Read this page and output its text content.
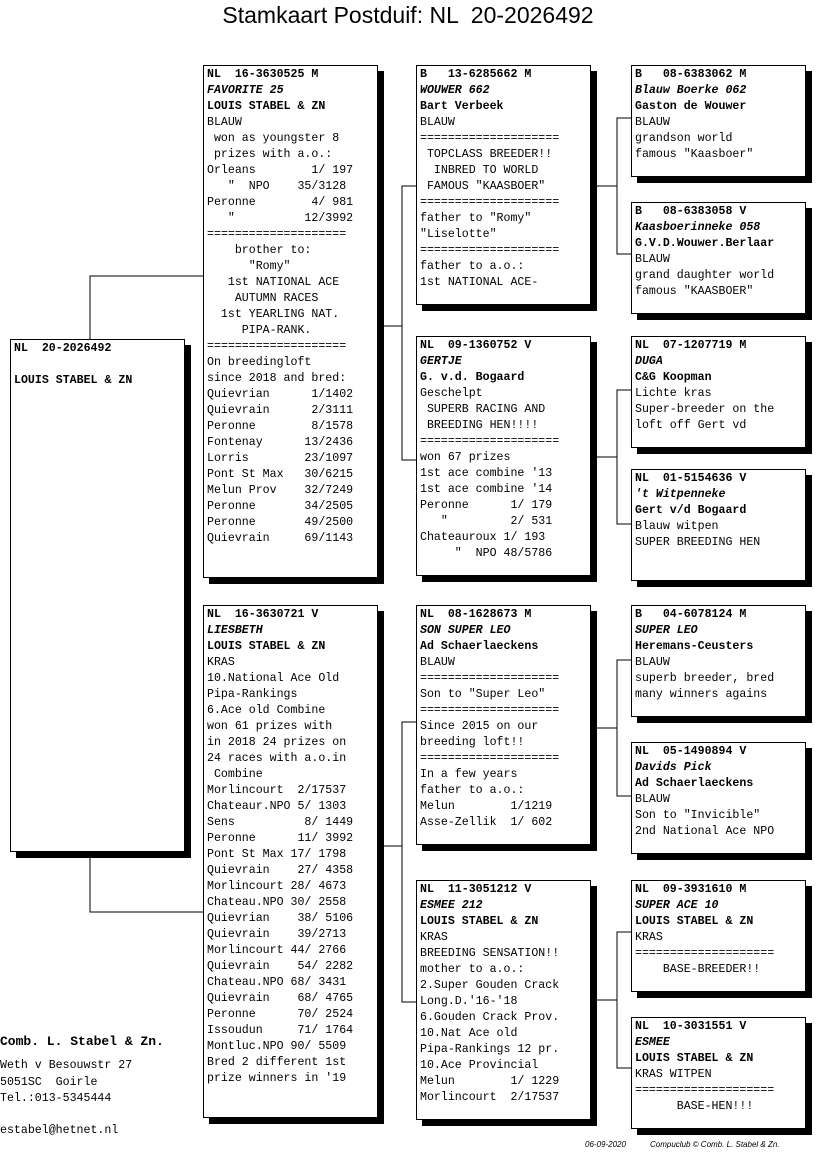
Stamkaart Postduif: NL  20-2026492
NL  20-2026492
LOUIS STABEL & ZN
NL  16-3630525 M
FAVORITE 25
LOUIS STABEL & ZN
BLAUW
won as youngster 8
prizes with a.o.:
Orleans        1/ 197
"  NPO    35/3128
Peronne        4/ 981
"          12/3992
====================
brother to:
"Romy"
1st NATIONAL ACE
AUTUMN RACES
1st YEARLING NAT.
PIPA-RANK.
====================
On breedingloft
since 2018 and bred:
Quievrian      1/1402
Quievrain      2/3111
Peronne        8/1578
Fontenay      13/2436
Lorris        23/1097
Pont St Max   30/6215
Melun Prov    32/7249
Peronne       34/2505
Peronne       49/2500
Quievrain     69/1143
NL  16-3630721 V
LIESBETH
LOUIS STABEL & ZN
KRAS
10.National Ace Old
Pipa-Rankings
6.Ace old Combine
won 61 prizes with
in 2018 24 prizes on
24 races with a.o.in
Combine
Morlincourt  2/17537
Chateaur.NPO 5/ 1303
Sens          8/ 1449
Peronne      11/ 3992
Pont St Max 17/ 1798
Quievrain    27/ 4358
Morlincourt 28/ 4673
Chateau.NPO 30/ 2558
Quievrian    38/ 5106
Quievrain    39/2713
Morlincourt 44/ 2766
Quievrain    54/ 2282
Chateau.NPO 68/ 3431
Quievrain    68/ 4765
Peronne      70/ 2524
Issoudun     71/ 1764
Montluc.NPO 90/ 5509
Bred 2 different 1st
prize winners in '19
B   13-6285662 M
WOUWER 662
Bart Verbeek
BLAUW
====================
TOPCLASS BREEDER!!
INBRED TO WORLD
FAMOUS "KAASBOER"
====================
father to "Romy"
"Liselotte"
====================
father to a.o.:
1st NATIONAL ACE-
NL  09-1360752 V
GERTJE
G. v.d. Bogaard
Geschelpt
SUPERB RACING AND
BREEDING HEN!!!!
====================
won 67 prizes
1st ace combine '13
1st ace combine '14
Peronne      1/ 179
"         2/ 531
Chateauroux 1/ 193
"  NPO 48/5786
NL  08-1628673 M
SON SUPER LEO
Ad Schaerlaeckens
BLAUW
====================
Son to "Super Leo"
====================
Since 2015 on our
breeding loft!!
====================
In a few years
father to a.o.:
Melun        1/1219
Asse-Zellik  1/ 602
NL  11-3051212 V
ESMEE 212
LOUIS STABEL & ZN
KRAS
BREEDING SENSATION!!
mother to a.o.:
2.Super Gouden Crack
Long.D.'16-'18
6.Gouden Crack Prov.
10.Nat Ace old
Pipa-Rankings 12 pr.
10.Ace Provincial
Melun        1/ 1229
Morlincourt  2/17537
B   08-6383062 M
Blauw Boerke 062
Gaston de Wouwer
BLAUW
grandson world
famous "Kaasboer"
B   08-6383058 V
Kaasboerinneke 058
G.V.D.Wouwer.Berlaar
BLAUW
grand daughter world
famous "KAASBOER"
NL  07-1207719 M
DUGA
C&G Koopman
Lichte kras
Super-breeder on the
loft off Gert vd
NL  01-5154636 V
't Witpenneke
Gert v/d Bogaard
Blauw witpen
SUPER BREEDING HEN
B   04-6078124 M
SUPER LEO
Heremans-Ceusters
BLAUW
superb breeder, bred
many winners agains
NL  05-1490894 V
Davids Pick
Ad Schaerlaeckens
BLAUW
Son to "Invicible"
2nd National Ace NPO
NL  09-3931610 M
SUPER ACE 10
LOUIS STABEL & ZN
KRAS
====================
BASE-BREEDER!!
NL  10-3031551 V
ESMEE
LOUIS STABEL & ZN
KRAS WITPEN
====================
BASE-HEN!!!
Comb. L. Stabel & Zn.
Weth v Besouwstr 27
5051SC  Goirle
Tel.:013-5345444
estabel@hetnet.nl
06-09-2020	Compuclub © Comb. L. Stabel & Zn.
